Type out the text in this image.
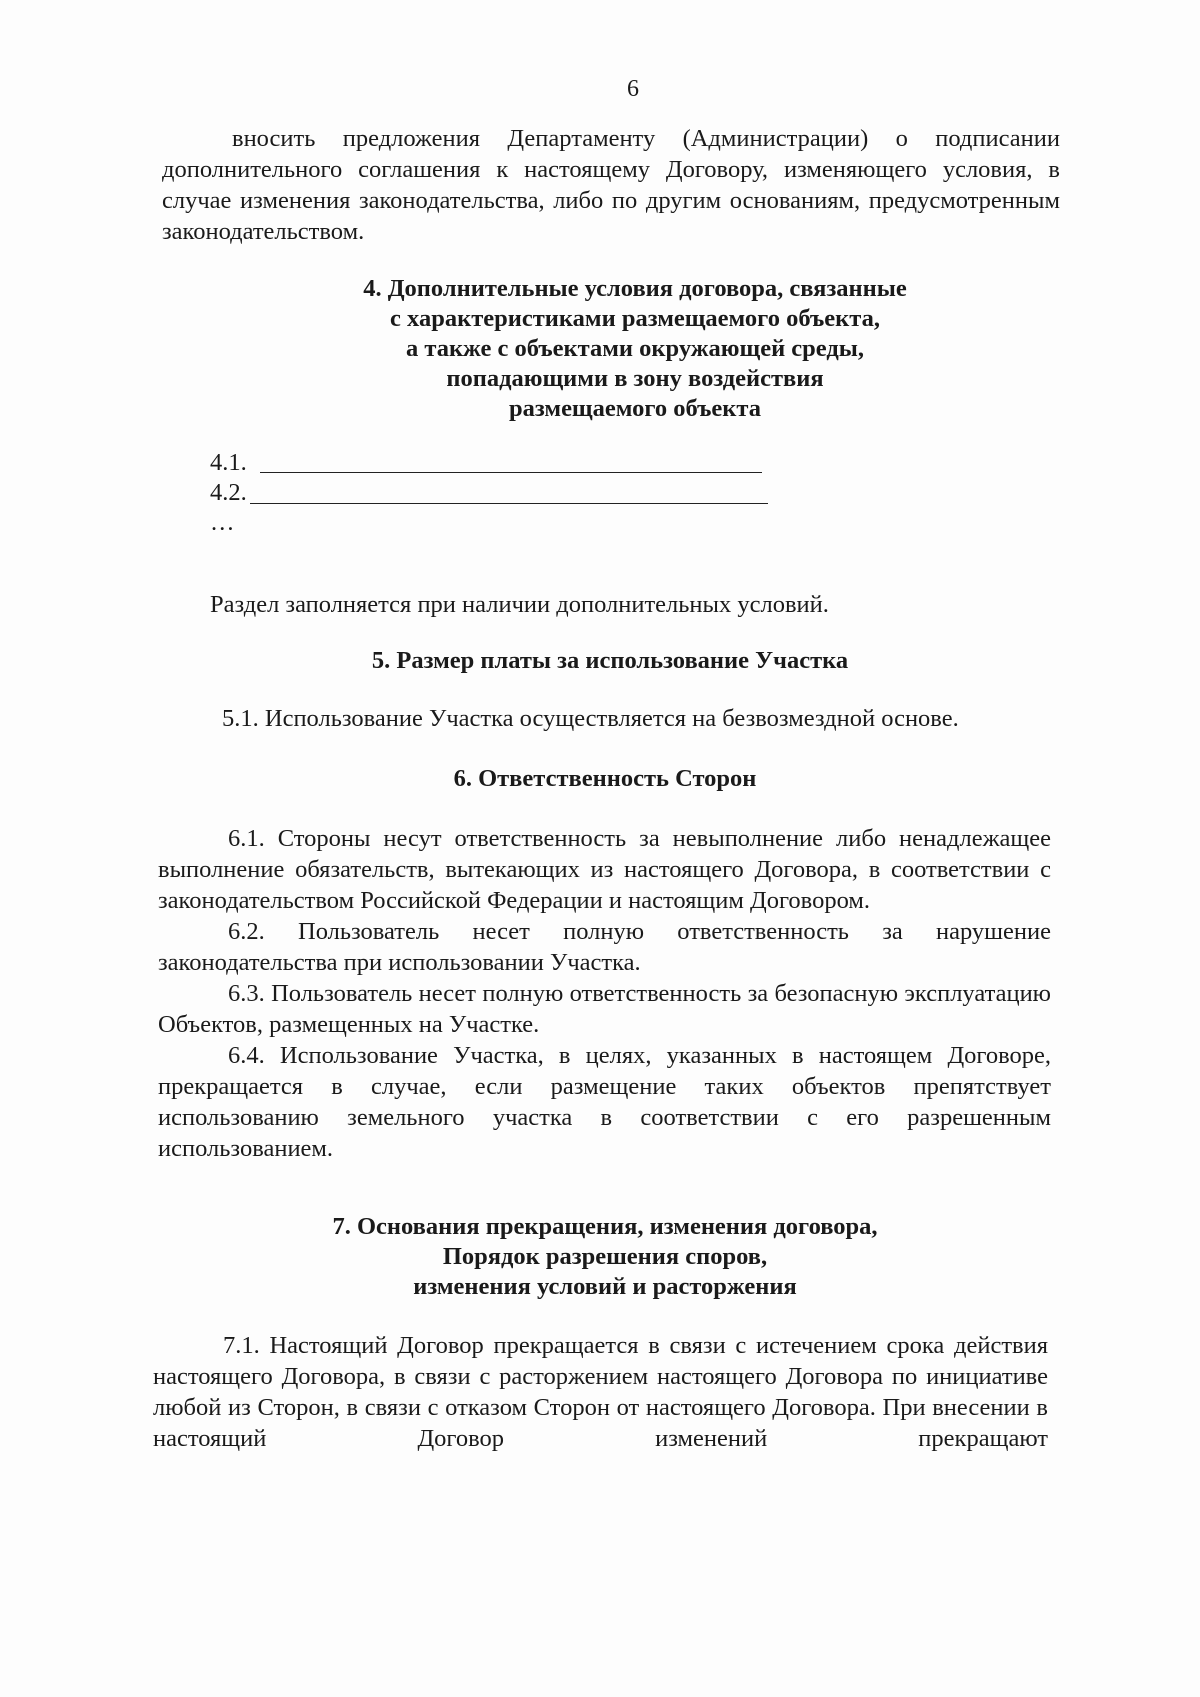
6

вносить предложения Департаменту (Администрации) о подписании дополнительного соглашения к настоящему Договору, изменяющего условия, в случае изменения законодательства, либо по другим основаниям, предусмотренным законодательством.

4. Дополнительные условия договора, связанные
с характеристиками размещаемого объекта,
а также с объектами окружающей среды,
попадающими в зону воздействия
размещаемого объекта
4.1.
4.2.
…
Раздел заполняется при наличии дополнительных условий.
5. Размер платы за использование Участка
5.1. Использование Участка осуществляется на безвозмездной основе.
6. Ответственность Сторон

6.1. Стороны несут ответственность за невыполнение либо ненадлежащее выполнение обязательств, вытекающих из настоящего Договора, в соответствии с законодательством Российской Федерации и настоящим Договором.

6.2. Пользователь несет полную ответственность за нарушение законодательства при использовании Участка.

6.3. Пользователь несет полную ответственность за безопасную эксплуатацию Объектов, размещенных на Участке.

6.4. Использование Участка, в целях, указанных в настоящем Договоре, прекращается в случае, если размещение таких объектов препятствует использованию земельного участка в соответствии с его разрешенным использованием.

7. Основания прекращения, изменения договора,
Порядок разрешения споров,
изменения условий и расторжения

7.1. Настоящий Договор прекращается в связи с истечением срока действия настоящего Договора, в связи с расторжением настоящего Договора по инициативе любой из Сторон, в связи с отказом Сторон от настоящего Договора. При внесении в настоящий Договор изменений прекращают
